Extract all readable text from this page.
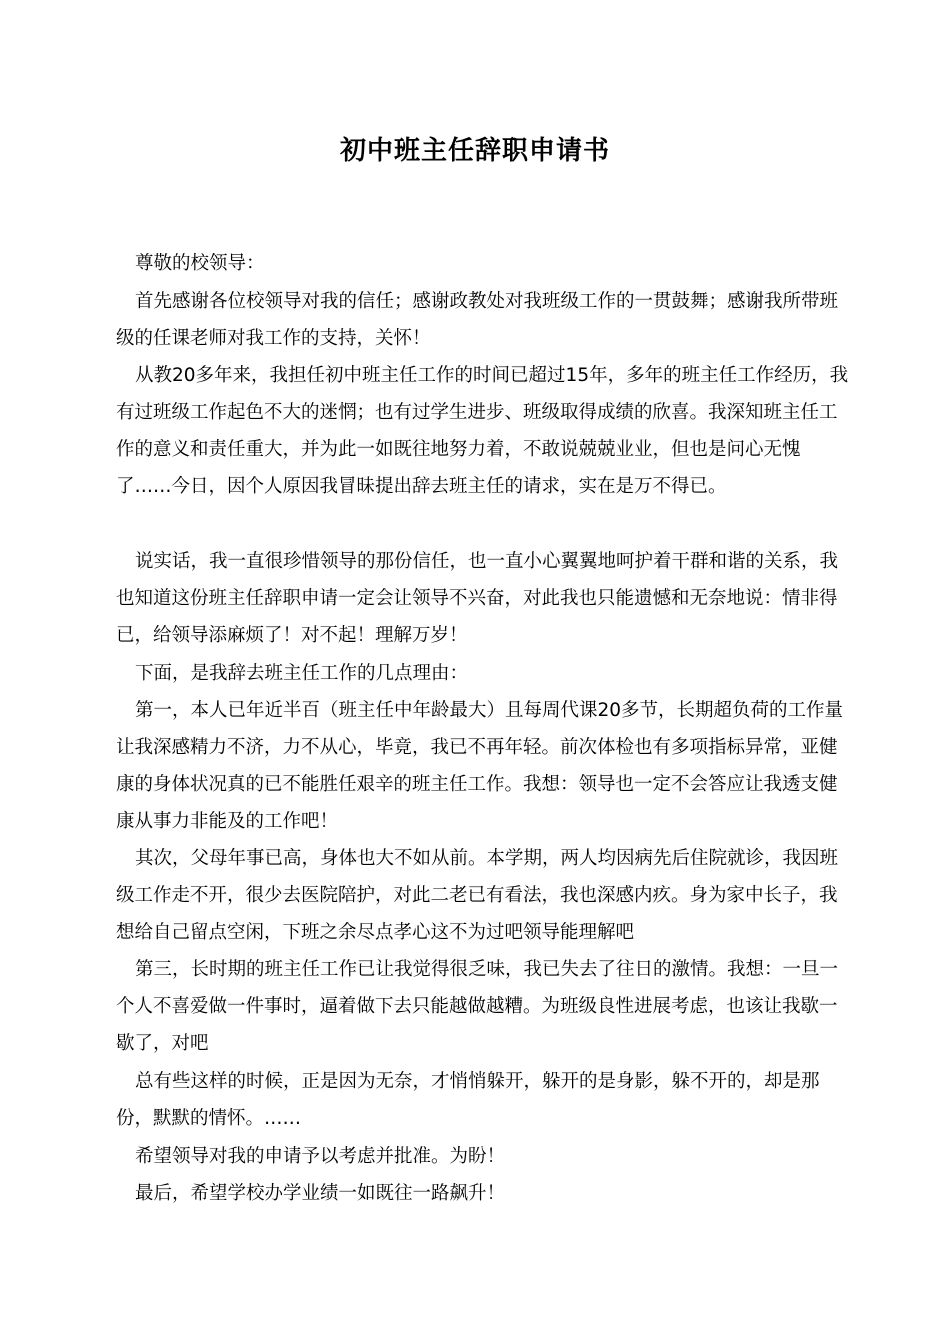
初中班主任辞职申请书

尊敬的校领导：

首先感谢各位校领导对我的信任；感谢政教处对我班级工作的一贯鼓舞；感谢我所带班级的任课老师对我工作的支持，关怀！

从教20多年来，我担任初中班主任工作的时间已超过15年，多年的班主任工作经历，我有过班级工作起色不大的迷惘；也有过学生进步、班级取得成绩的欣喜。我深知班主任工作的意义和责任重大，并为此一如既往地努力着，不敢说兢兢业业，但也是问心无愧了……今日，因个人原因我冒昧提出辞去班主任的请求，实在是万不得已。

说实话，我一直很珍惜领导的那份信任，也一直小心翼翼地呵护着干群和谐的关系，我也知道这份班主任辞职申请一定会让领导不兴奋，对此我也只能遗憾和无奈地说：情非得已，给领导添麻烦了！对不起！理解万岁！

下面，是我辞去班主任工作的几点理由：

第一，本人已年近半百（班主任中年龄最大）且每周代课20多节，长期超负荷的工作量让我深感精力不济，力不从心，毕竟，我已不再年轻。前次体检也有多项指标异常，亚健康的身体状况真的已不能胜任艰辛的班主任工作。我想：领导也一定不会答应让我透支健康从事力非能及的工作吧！

其次，父母年事已高，身体也大不如从前。本学期，两人均因病先后住院就诊，我因班级工作走不开，很少去医院陪护，对此二老已有看法，我也深感内疚。身为家中长子，我想给自己留点空闲，下班之余尽点孝心这不为过吧领导能理解吧

第三，长时期的班主任工作已让我觉得很乏味，我已失去了往日的激情。我想：一旦一个人不喜爱做一件事时，逼着做下去只能越做越糟。为班级良性进展考虑，也该让我歇一歇了，对吧

总有些这样的时候，正是因为无奈，才悄悄躲开，躲开的是身影，躲不开的，却是那份，默默的情怀。……

希望领导对我的申请予以考虑并批准。为盼！

最后，希望学校办学业绩一如既往一路飙升！
